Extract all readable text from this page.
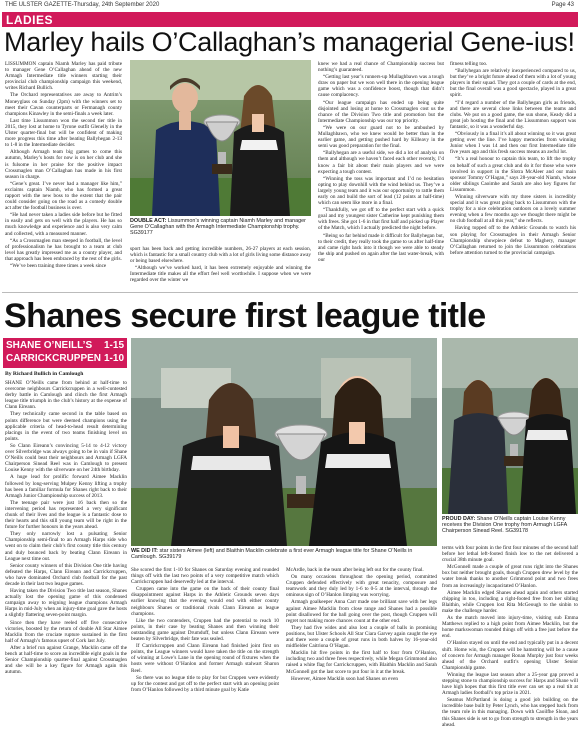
THE ULSTER GAZETTE-Thursday, 24th September 2020	Page 43
LADIES
Marley hails O’Callaghan’s managerial Gene-ius!

LISSUMMON captain Niamh Marley has paid tribute to manager Gene O’Callaghan ahead of the new Armagh Intermediate title winners starting their provincial club championship campaign this weekend, writes Richard Bullich.

The Orchard representatives are away to Antrim’s Moneyglass on Sunday (2pm) with the winners set to meet their Cavan counterparts or Fermanagh county champions Kinawley in the semi-finals a week later.

Last time Lissummon won the second tier title in 2015, they lost at home to Tyrone outfit Glenelly in the Ulster quarter-final but will be confident of making more progress this time after beating Ballyhegan 2-13 to 1-8 in the Intermediate decider.

Although Armagh team big games to come this autumn, Marley’s hosts for now is on her club and she is fulsome in her praise for the positive impact Crossmaglen man O’Callaghan has made in his first season in charge.

“Gene’s great. I’ve never had a manager like him,” exclaims captain Niamh, who has formed a great rapport with the new boss to the extent that the pair could consider going on the road as a comedy double act after the football business is over.

“He had never taken a ladies side before but he fitted in easily and gets on well with the players. He has so much knowledge and experience and is also very calm and collected, with a measured manner.

“As a Crossmaglen man steeped in football, the level of professionalism he has brought to a team at club level has greatly impressed me as a county player, and that approach has been embraced by the rest of the girls.

“We’ve been training three times a week since

DOUBLE ACT: Lissummon’s winning captain Niamh Marley and manager Gene O’Callaghan with the Armagh Intermediate Championship trophy. SG39177

sport has been back and getting incredible numbers, 26-27 players at each session, which is fantastic for a small country club with a lot of girls living some distance away or being based elsewhere.

“Although we’ve worked hard, it has been extremely enjoyable and winning the Intermediate title makes all the effort feel well worthwhile. I suppose when we were regarded over the winter we

knew we had a real chance of Championship success but nothing’s guaranteed.

“Getting last year’s runners-up Mullaghbawn was a tough draw on paper but we won well there in the opening league game which was a confidence boost, though that didn’t cause complacency.

“Our league campaign has ended up being quite disjointed and losing at home to Crossmaglen cost us the chance of the Division Two title and promotion but the Intermediate Championship was our top priority.

“We were on our guard not to be ambushed by Mullaghbawn, who we knew would be better than in the earlier game, and getting pushed hard by Killeavy in the semi was good preparation for the final.

“Ballyhegan are a useful side, we did a lot of analysis on them and although we haven’t faced each other recently, I’d know a fair bit about their main players and we were expecting a tough contest.

“Winning the toss was important and I’d no hesitation opting to play downhill with the wind behind us. They’ve a largely young team and it was our opportunity to rattle them early on and build the sort of lead (12 points at half-time) which can seem like more in a final.

“Thankfully, we got off to the perfect start with a quick goal and my youngest sister Catherine kept punishing them with frees. She got 1-6 in that first half and picked up Player of the Match, which I actually predicted the night before.

“Being so far behind made it difficult for Ballyhegan but, to their credit, they really took the game to us after half-time and came right back into it though we were able to steady the ship and pushed on again after the last water-break, with our

fitness telling too.

“Ballyhegan are relatively inexperienced compared to us, but they’ve a bright future ahead of them with a lot of young players in their squad. They got a couple of cards at the end, but the final overall was a good spectacle, played in a great spirit.

“I’d regard a number of the Ballyhegan girls as friends, and there are several close links between the teams and clubs. We put on a good game, the sun shone, Keady did a great job hosting the final and the Lissummon support was fantastic, so it was a wonderful day.

“Obviously in a final it’s all about winning so it was great getting over the line. I’ve happy memories from winning Junior when I was 14 and then our first Intermediate title five years ago and this fresh success means an awful lot.

“It’s a real honour to captain this team, to lift the trophy on behalf of such a great club and do it for those who were involved in support in the Slotra McAleer and our main sponsor Tommy O’Hagan,” says 28-year-old Niamh, whose older siblings Caoimhe and Sarah are also key figures for Lissummon.

Winning silverware with my three sisters is incredibly special and it was great going back to Lissummon with the trophy for a nice celebration outdoors on a lovely summer evening when a few months ago we thought there might be no club football at all this year,” she reflects.

Having topped off to the Athletic Grounds to watch his son playing for Crossmaglen in their Armagh Senior Championship showpiece defeat to Maghery, manager O’Callaghan returned to join the Lissummon celebrations before attention turned to the provincial campaign.

Shanes secure first league title
SHANE O’NEILL’S 1-15
CARRICKCRUPPEN 1-10
By Richard Bullich in Camlough

SHANE O’Neills came from behind at half-time to overcome neighbours Carrickcruppen in a well-contested derby battle in Camlough and clinch the first Armagh league title triumph in the club’s history at the expense of Clann Eireann.

They technically came second in the table based on points difference but were deemed champions using the applicable criteria of head-to-head result determining placings in the event of two teams finishing level on points.

So Clann Eireann’s convincing 5-14 to 4-12 victory over Silverbridge was always going to be in vain if Shane O’Neills could beat their neighbours and Armagh LGFA Chairperson Sinead Reel was in Camlough to present Louise Kenny with the silverware on her 24th birthday.

A huge lead for prolific forward Aimee Macklin followed by long-serving Mulpey Kenny lifting a trophy has been a familiar formula for Shanes right back to their Armagh Junior Championship success of 2013.

The teenage pair were just 16 back then so the intervening period has represented a very significant chunk of their lives and the league is a fantastic dose to their hearts and this still young team will be right in the future for further honours in the years ahead.

They only narrowly lost a pulsating Senior Championship semi-final to an Armagh Harps side who went on to claim their club’s first county title this century and duly bounced back by beating Clann Eireann in League next time out.

Senior county winners of this Division One title having defeated the Harps, Clann Eireann and Carrickcruppen, who have dominated Orchard club football for the past decade in their last two league games.

Having taken the Division Two title last season, Shanes actually lost the opening game of this condensed campaign away to reigning league champions Armagh Harps in mid-July when an injury-time goal gave the hosts a slightly flattering seven-point margin.

Since then they have reeled off five consecutive victories, boosted by the return of double All Star Aimee Macklin from the cruciate rupture sustained in the first half of Armagh’s famous upset of Cork last July.

After a brief run against Grange, Macklin came off the bench at half-time to score an incredible eight goals in the Senior Championship quarter-final against Crossmaglen and she will be a key figure for Armagh again this autumn.

WE DID IT: star sisters Aimee (left) and Blaithin Macklin celebrate a first ever Armagh league title for Shane O’Neills in Camlough. SG39179

She scored the first 1-10 for Shanes on Saturday evening and rounded things off with the last two points of a very competitive match which Carrickcruppen had deservedly led at the interval.

Cruppen came into the game on the back of their county final disappointment against Harps in the Athletic Grounds seven days earlier knowing that the evening would end with either county neighbours Shanes or traditional rivals Clann Eireann as league champions.

Like the two contenders, Cruppen had the potential to reach 10 points, in their case by beating Shanes and then winning their outstanding game against Drumduff, but unless Clann Eireann were beaten by Silverbridge, their fate was sealed.

If Carrickcruppen and Clann Eireann had finished joint first on points, the League winners would have taken the title on the strength of winning at Lowe’s Lane in the opening round of fixtures when the hosts were without O’Hanlon and former Armagh stalwart Sharon Reel.

So there was no league title to play for but Cruppen were evidently up for the contest and got off to the perfect start with an opening point from O’Hanlon followed by a third minute goal by Katie

McArdle, back in the team after being left out for the county final.

On many occasions throughout the opening period, committed Cruppen defended effectively with great tenacity, composure and teamwork and they duly led by 1-6 to 0-5 at the interval, through the ominous sign of O’Hanlon limping was worrying.

Armagh goalkeeper Anna Carr made one brilliant save with her legs against Aimee Macklin from close range and Shanes had a possible point disallowed for the ball going over the post, though Cruppen will regret not making more chances count at the other end.

They had five wides and also lost a couple of balls in promising positions, but Ulster Schools All Star Ciara Garvey again caught the eye and there were a couple of great runs in both halves by 16-year-old midfielder Caitriona O’Hagan.

Macklin hit five points in the first half to four from O’Hanlon, including two and three frees respectively, while Megan Grimmond also raised a white flag for Carrickcruppen, with Blaithin Macklin and Sarah McGonnell got the last score to put four in it at the break.

However, Aimee Macklin soon had Shanes on even

PROUD DAY: Shane O’Neills captain Louise Kenny receives the Division One trophy from Armagh LGFA Chairperson Sinead Reel. SG39178

terms with four points in the first four minutes of the second half before her lethal left-footed finish low to the net delivered a crucial 38th minute goal.

McGonnell made a couple of great runs right into the Shanes box but neither brought goals, though Cruppen drew level by the water break thanks to another Grimmond point and two frees from an increasingly incapacitated O’Hanlon.

Aimee Macklin edged Shanes ahead again and others started chipping in too, including a right-footed free from her sibling Blaithin, while Cruppen lost Rita McGeough to the sinbin to make the challenge harder.

As the match moved into injury-time, visiting sub Emma Matthews replied to a high point from Aimee Macklin, but the home markswoman rounded things off with a free just before the end.

O’Hanlon stayed on until the end and typically put in a decent shift. Home win, the Cruppen will be hamstring will be a cause of concern for Armagh manager Ronan Murphy just four weeks ahead of the Orchard outfit’s opening Ulster Senior Championship game.

Winning the league last season after a 25-year gap proved a stepping stone to championship success for Harps and Shane will have high hopes that this first title ever can set up a real tilt at Armagh ladies football’s top prize in 2021.

Seamus McPartland is doing a good job building on the incredible base built by Peter Lynch, who has stepped back from the team role in this managing. Down with Caoilfhe Sloan, and this Shanes side is set to go from strength to strength in the years ahead.
